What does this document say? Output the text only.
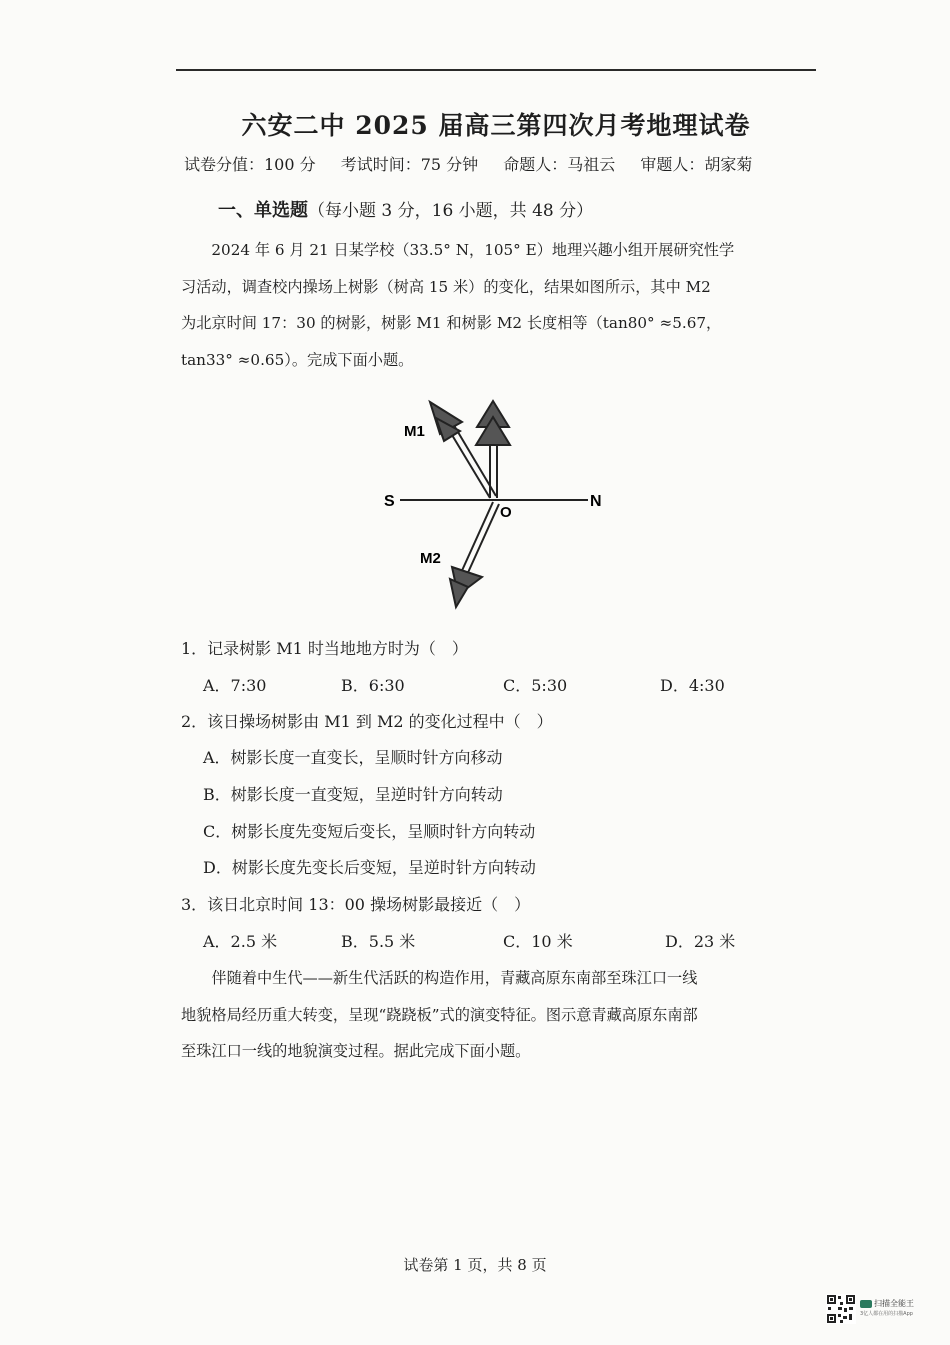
六安二中 2025 届高三第四次月考地理试卷
试卷分值：100 分 考试时间：75 分钟 命题人：马祖云 审题人：胡家菊
一、单选题（每小题 3 分，16 小题，共 48 分）
2024 年 6 月 21 日某学校（33.5° N，105° E）地理兴趣小组开展研究性学
习活动，调查校内操场上树影（树高 15 米）的变化，结果如图所示，其中 M2
为北京时间 17：30 的树影，树影 M1 和树影 M2 长度相等（tan80° ≈5.67，
tan33° ≈0.65）。完成下面小题。
S	N
O
M1
M2
1．记录树影 M1 时当地地方时为（　）
A．7:30	B．6:30	C．5:30	D．4:30
2．该日操场树影由 M1 到 M2 的变化过程中（　）
A．树影长度一直变长，呈顺时针方向移动
B．树影长度一直变短，呈逆时针方向转动
C．树影长度先变短后变长，呈顺时针方向转动
D．树影长度先变长后变短，呈逆时针方向转动
3．该日北京时间 13：00 操场树影最接近（　）
A．2.5 米	B．5.5 米	C．10 米	D．23 米
伴随着中生代——新生代活跃的构造作用，青藏高原东南部至珠江口一线
地貌格局经历重大转变，呈现“跷跷板”式的演变特征。图示意青藏高原东南部
至珠江口一线的地貌演变过程。据此完成下面小题。
试卷第 1 页，共 8 页
扫描全能王
3亿人都在用的扫描App
